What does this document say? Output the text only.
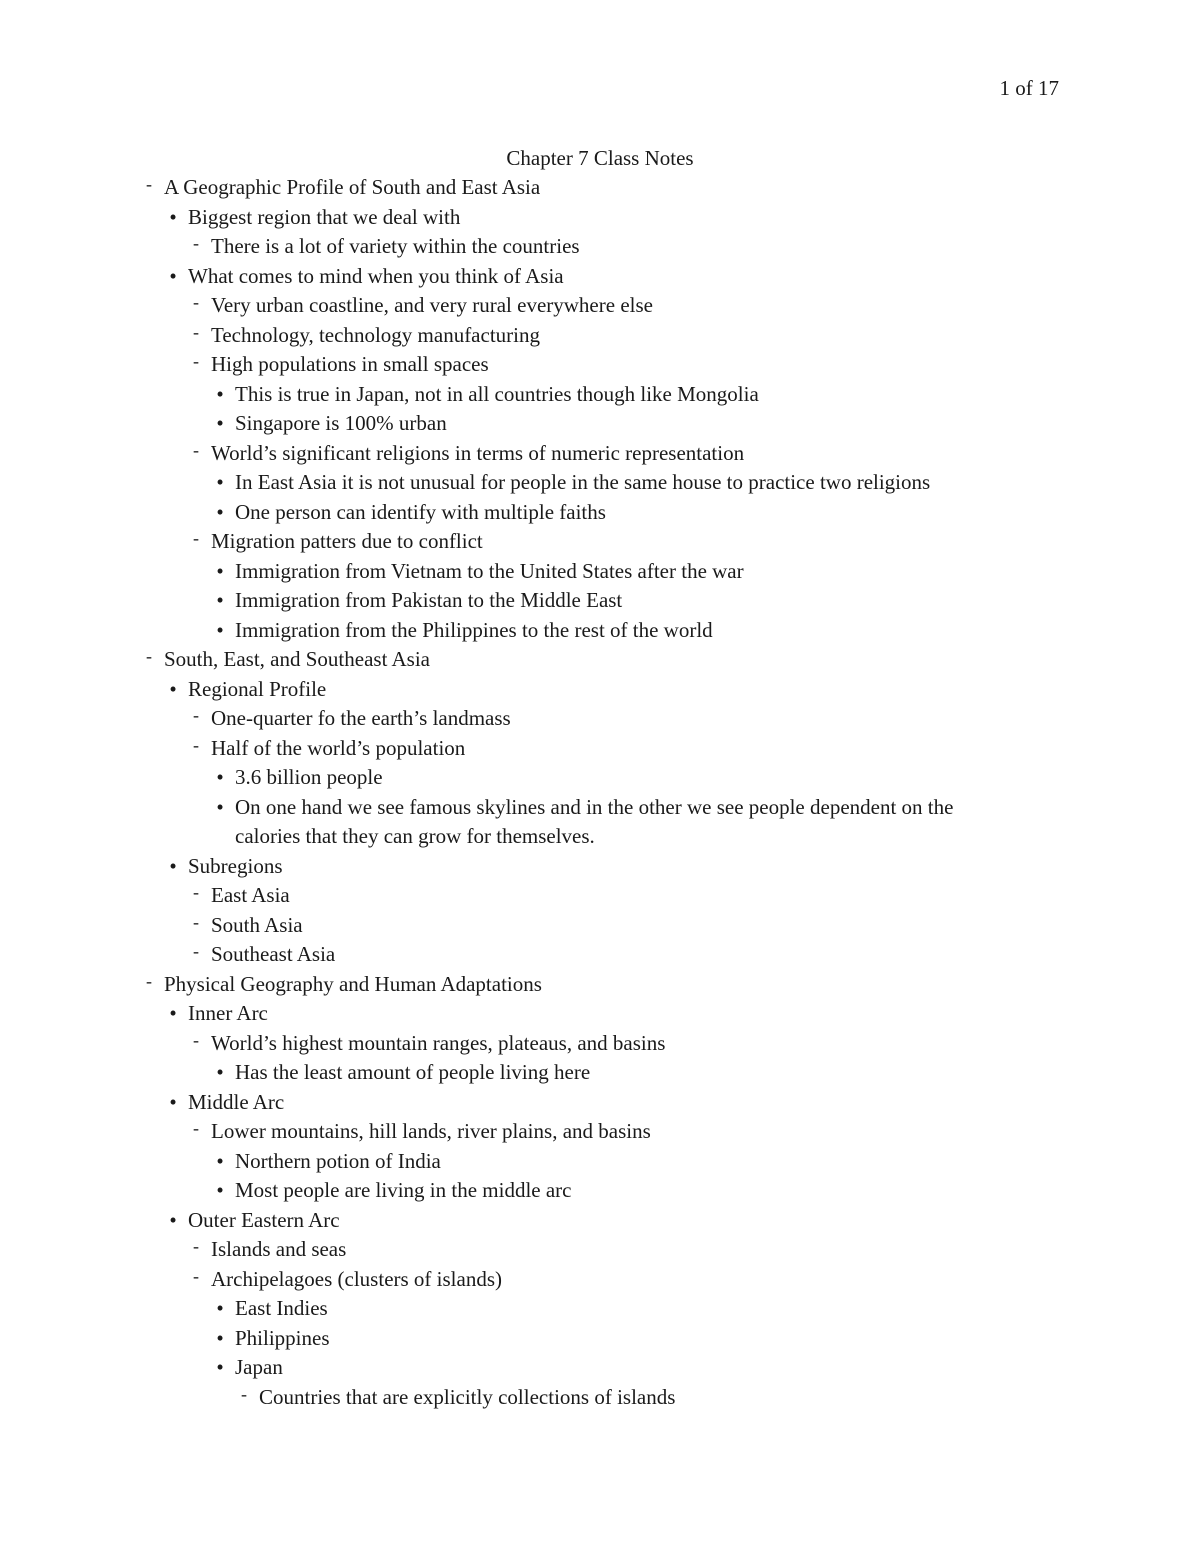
1 of 17
Chapter 7 Class Notes
- A Geographic Profile of South and East Asia
• Biggest region that we deal with
- There is a lot of variety within the countries
• What comes to mind when you think of Asia
- Very urban coastline, and very rural everywhere else
- Technology, technology manufacturing
- High populations in small spaces
• This is true in Japan, not in all countries though like Mongolia
• Singapore is 100% urban
- World’s significant religions in terms of numeric representation
• In East Asia it is not unusual for people in the same house to practice two religions
• One person can identify with multiple faiths
- Migration patters due to conflict
• Immigration from Vietnam to the United States after the war
• Immigration from Pakistan to the Middle East
• Immigration from the Philippines to the rest of the world
- South, East, and Southeast Asia
• Regional Profile
- One-quarter fo the earth’s landmass
- Half of the world’s population
• 3.6 billion people
• On one hand we see famous skylines and in the other we see people dependent on the
calories that they can grow for themselves.
• Subregions
- East Asia
- South Asia
- Southeast Asia
- Physical Geography and Human Adaptations
• Inner Arc
- World’s highest mountain ranges, plateaus, and basins
• Has the least amount of people living here
• Middle Arc
- Lower mountains, hill lands, river plains, and basins
• Northern potion of India
• Most people are living in the middle arc
• Outer Eastern Arc
- Islands and seas
- Archipelagoes (clusters of islands)
• East Indies
• Philippines
• Japan
- Countries that are explicitly collections of islands
